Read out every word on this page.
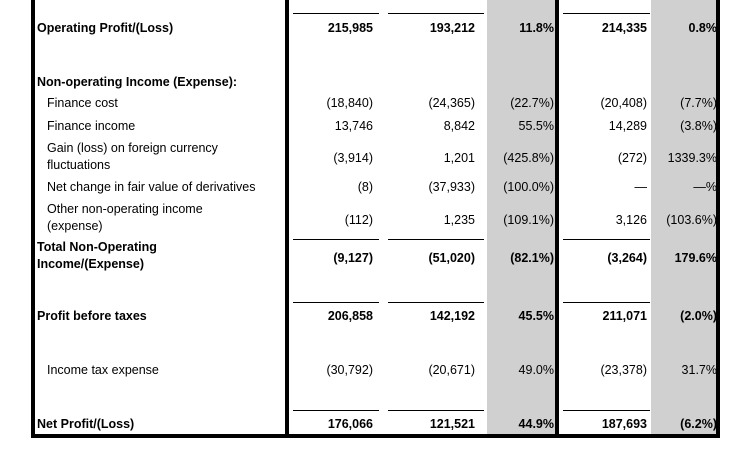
Operating Profit/(Loss)	215,985	193,212	11.8%	214,335	0.8%
Non-operating Income (Expense):
Finance cost	(18,840)	(24,365)	(22.7%)	(20,408)	(7.7%)
Finance income	13,746	8,842	55.5%	14,289	(3.8%)
Gain (loss) on foreign currency
fluctuations	(3,914)	1,201	(425.8%)	(272)	1339.3%
Net change in fair value of derivatives	(8)	(37,933)	(100.0%)	—	—%
Other non-operating income
(expense)	(112)	1,235	(109.1%)	3,126	(103.6%)
Total Non-Operating
Income/(Expense)	(9,127)	(51,020)	(82.1%)	(3,264)	179.6%
Profit before taxes	206,858	142,192	45.5%	211,071	(2.0%)
Income tax expense	(30,792)	(20,671)	49.0%	(23,378)	31.7%
Net Profit/(Loss)	176,066	121,521	44.9%	187,693	(6.2%)
